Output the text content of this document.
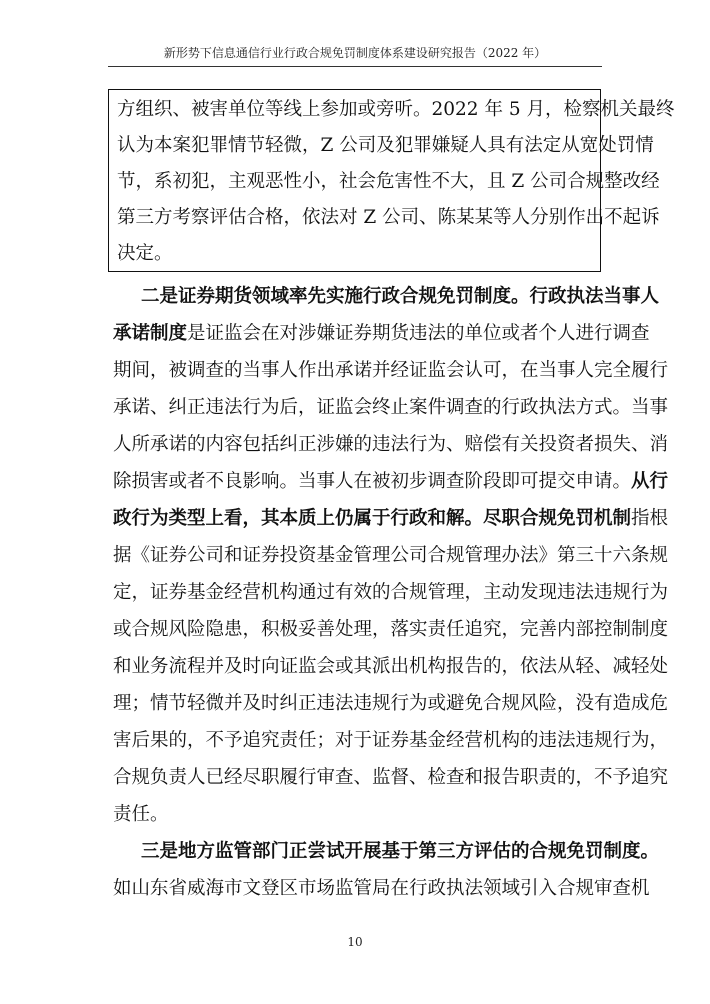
新形势下信息通信行业行政合规免罚制度体系建设研究报告（2022 年）
方组织、被害单位等线上参加或旁听。2022 年 5 月，检察机关最终
认为本案犯罪情节轻微，Z 公司及犯罪嫌疑人具有法定从宽处罚情
节，系初犯，主观恶性小，社会危害性不大，且 Z 公司合规整改经
第三方考察评估合格，依法对 Z 公司、陈某某等人分别作出不起诉
决定。
二是证券期货领域率先实施行政合规免罚制度。行政执法当事人
承诺制度是证监会在对涉嫌证券期货违法的单位或者个人进行调查
期间，被调查的当事人作出承诺并经证监会认可，在当事人完全履行
承诺、纠正违法行为后，证监会终止案件调查的行政执法方式。当事
人所承诺的内容包括纠正涉嫌的违法行为、赔偿有关投资者损失、消
除损害或者不良影响。当事人在被初步调查阶段即可提交申请。从行
政行为类型上看，其本质上仍属于行政和解。尽职合规免罚机制指根
据《证券公司和证券投资基金管理公司合规管理办法》第三十六条规
定，证券基金经营机构通过有效的合规管理，主动发现违法违规行为
或合规风险隐患，积极妥善处理，落实责任追究，完善内部控制制度
和业务流程并及时向证监会或其派出机构报告的，依法从轻、减轻处
理；情节轻微并及时纠正违法违规行为或避免合规风险，没有造成危
害后果的，不予追究责任；对于证券基金经营机构的违法违规行为，
合规负责人已经尽职履行审查、监督、检查和报告职责的，不予追究
责任。
三是地方监管部门正尝试开展基于第三方评估的合规免罚制度。
如山东省威海市文登区市场监管局在行政执法领域引入合规审查机
10
